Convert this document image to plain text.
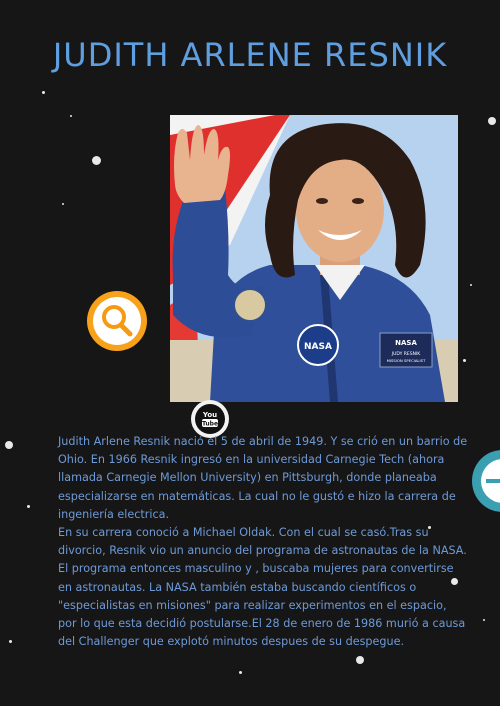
JUDITH ARLENE RESNIK
NASA	NASA
JUDY RESNIK
MISSION SPECIALIST
You
Tube

Judith Arlene Resnik nació el 5 de abril de 1949. Y se crió en un barrio de Ohio. En 1966 Resnik ingresó en la universidad Carnegie Tech (ahora llamada Carnegie Mellon University) en Pittsburgh, donde planeaba especializarse en matemáticas. La cual no le gustó e hizo la carrera de ingeniería electrica.

En su carrera conoció a Michael Oldak. Con el cual se casó.Tras su divorcio, Resnik vio un anuncio del programa de astronautas de la NASA. El programa entonces masculino y , buscaba mujeres para convertirse en astronautas. La NASA también estaba buscando científicos o "especialistas en misiones" para realizar experimentos en el espacio, por lo que esta decidió postularse.El 28 de enero de 1986 murió a causa del Challenger que explotó minutos despues de su despegue.
